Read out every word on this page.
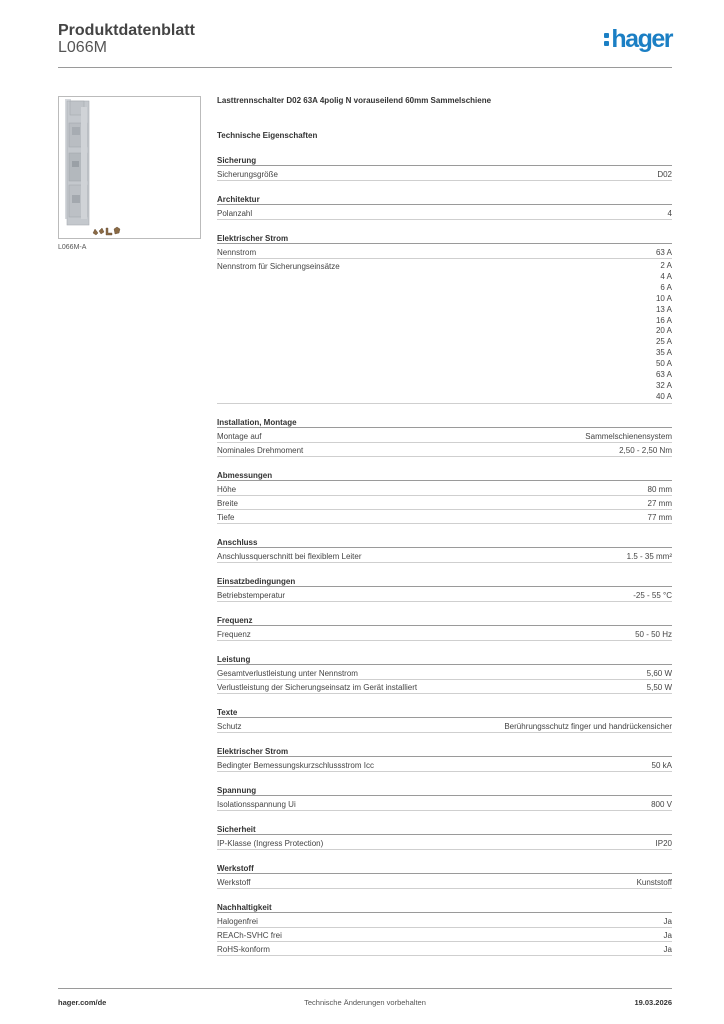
Produktdatenblatt
L066M	hager
L066M-A
Lasttrennschalter D02 63A 4polig N vorauseilend 60mm Sammelschiene
Technische Eigenschaften
Sicherung
Sicherungsgröße	D02
Architektur
Polanzahl	4
Elektrischer Strom
Nennstrom	63 A
Nennstrom für Sicherungseinsätze	2 A
4 A
6 A
10 A
13 A
16 A
20 A
25 A
35 A
50 A
63 A
32 A
40 A
Installation, Montage
Montage auf	Sammelschienensystem
Nominales Drehmoment	2,50 - 2,50 Nm
Abmessungen
Höhe	80 mm
Breite	27 mm
Tiefe	77 mm
Anschluss
Anschlussquerschnitt bei flexiblem Leiter	1.5 - 35 mm²
Einsatzbedingungen
Betriebstemperatur	-25 - 55 °C
Frequenz
Frequenz	50 - 50 Hz
Leistung
Gesamtverlustleistung unter Nennstrom	5,60 W
Verlustleistung der Sicherungseinsatz im Gerät installiert	5,50 W
Texte
Schutz	Berührungsschutz finger und handrückensicher
Elektrischer Strom
Bedingter Bemessungskurzschlussstrom Icc	50 kA
Spannung
Isolationsspannung Ui	800 V
Sicherheit
IP-Klasse (Ingress Protection)	IP20
Werkstoff
Werkstoff	Kunststoff
Nachhaltigkeit
Halogenfrei	Ja
REACh-SVHC frei	Ja
RoHS-konform	Ja
hager.com/de	Technische Änderungen vorbehalten	19.03.2026
